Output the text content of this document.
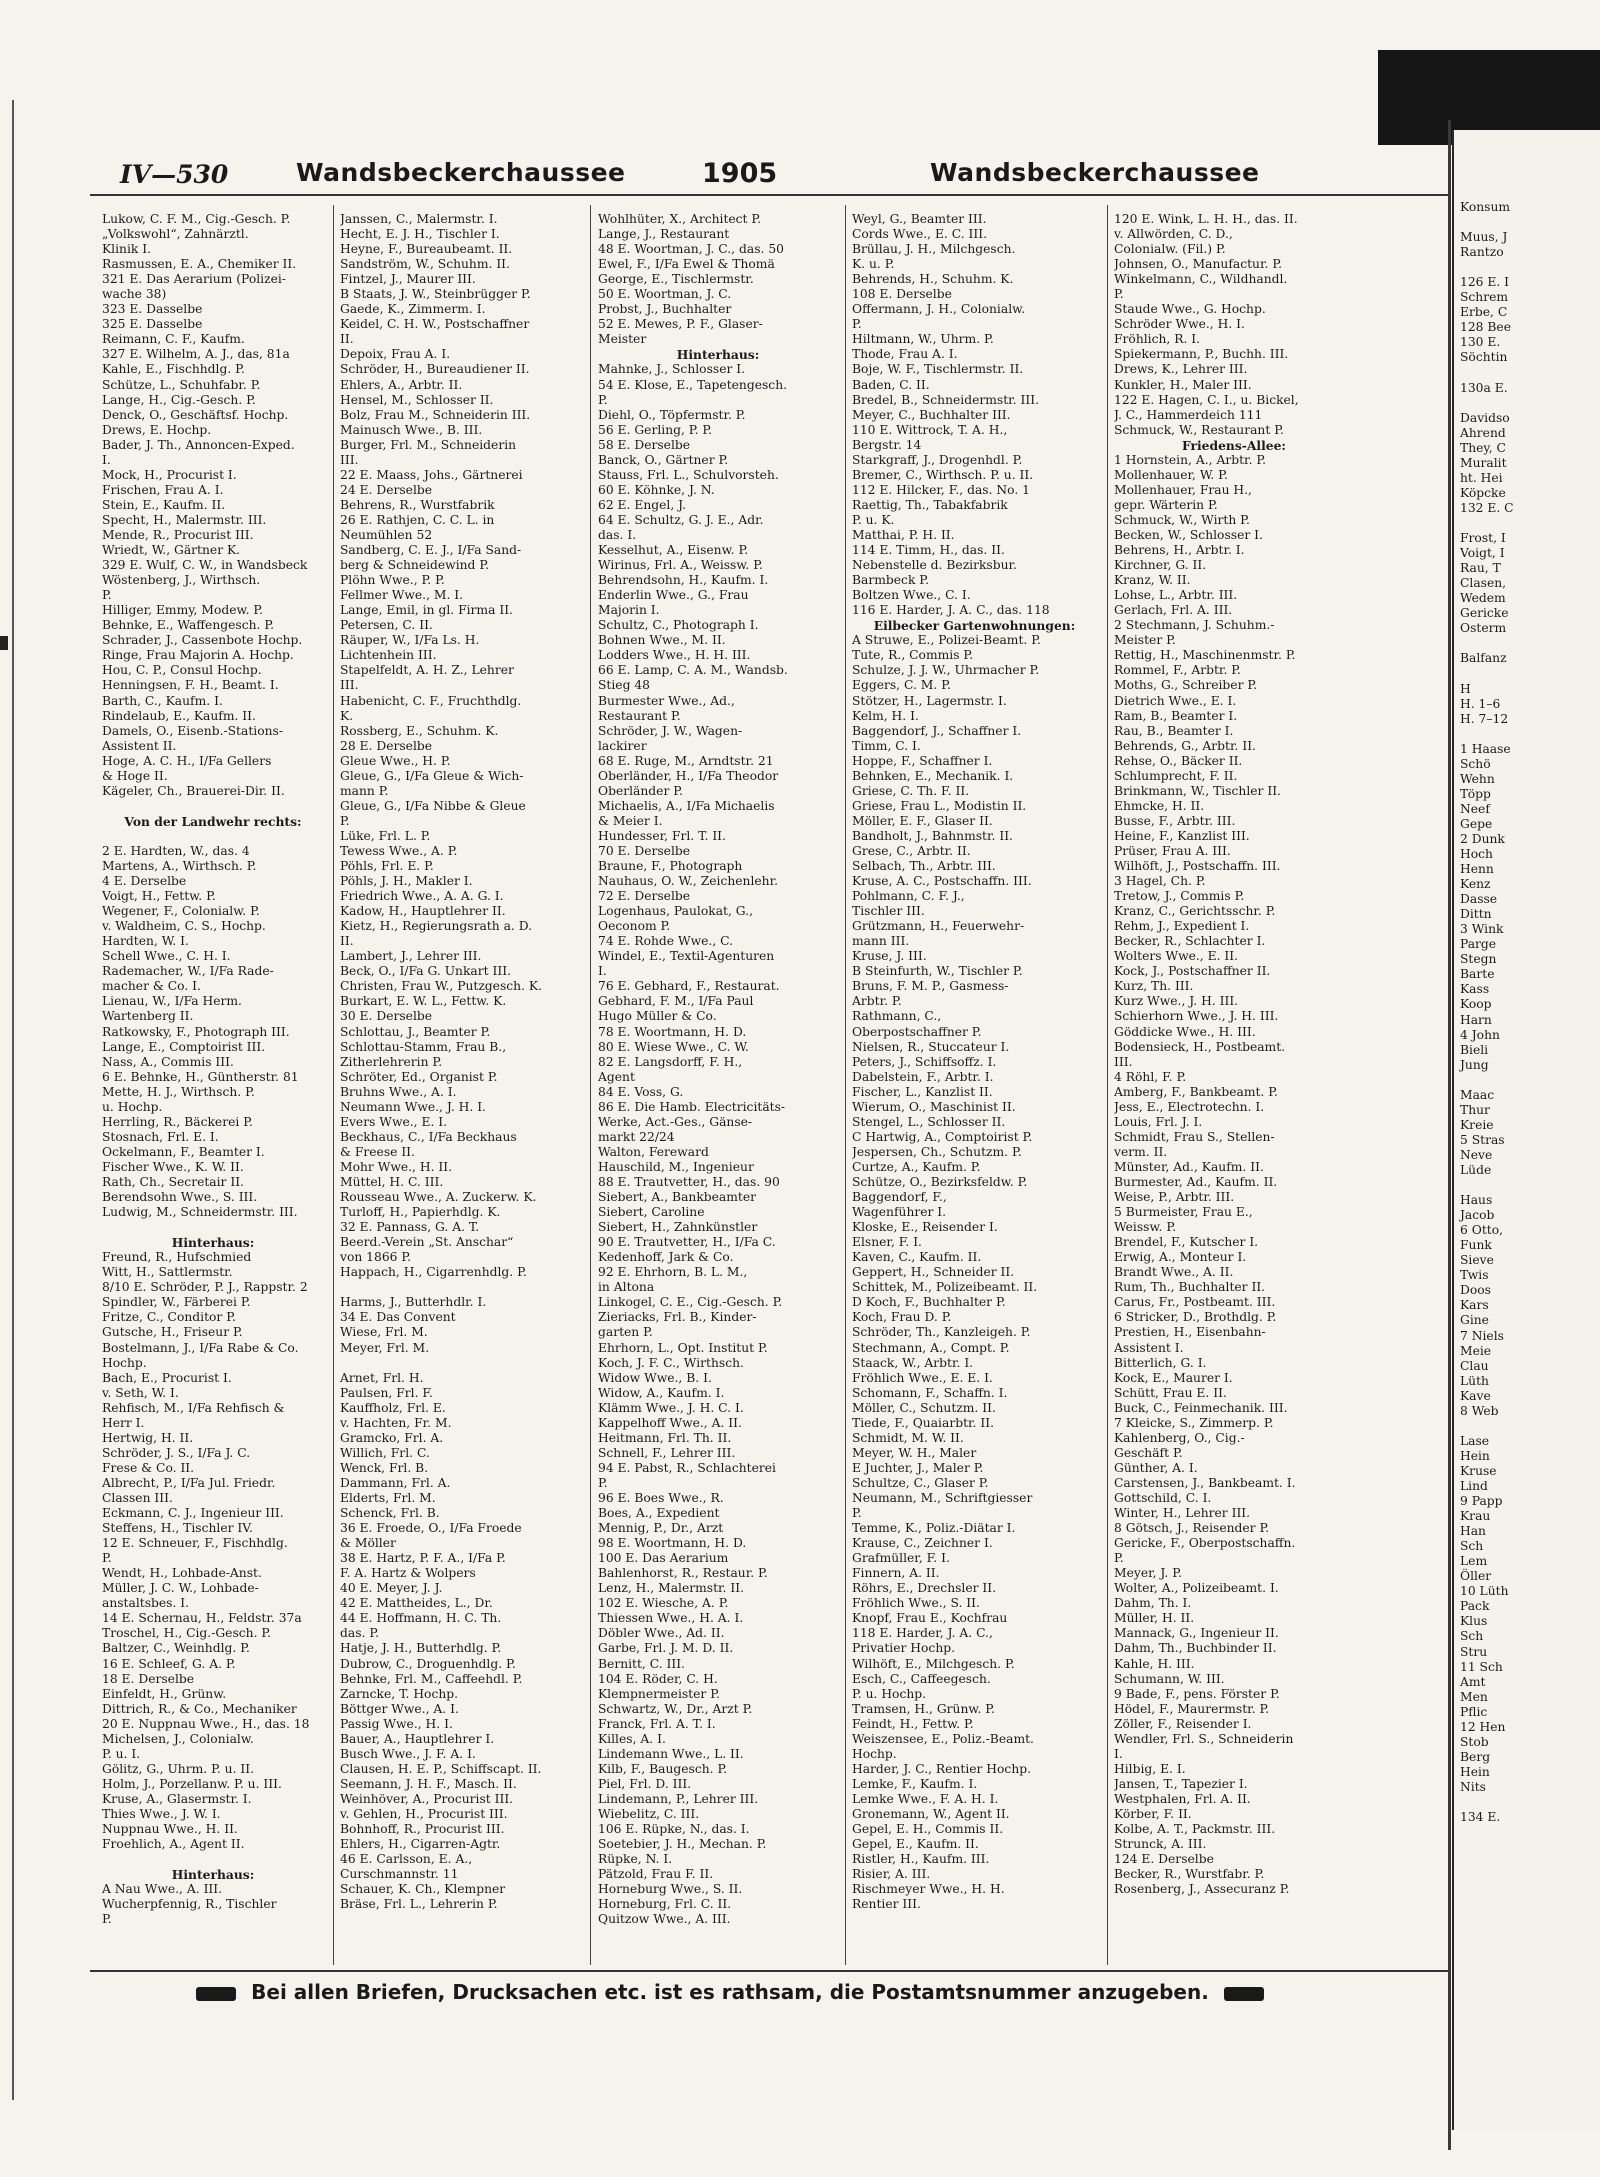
IV—530	Wandsbeckerchaussee	1905	Wandsbeckerchaussee
Lukow, C. F. M., Cig.-Gesch. P.
„Volkswohl“, Zahnärztl.
Klinik I.
Rasmussen, E. A., Chemiker II.
321 E. Das Aerarium (Polizei-
wache 38)
323 E. Dasselbe
325 E. Dasselbe
Reimann, C. F., Kaufm.
327 E. Wilhelm, A. J., das, 81a
Kahle, E., Fischhdlg. P.
Schütze, L., Schuhfabr. P.
Lange, H., Cig.-Gesch. P.
Denck, O., Geschäftsf. Hochp.
Drews, E. Hochp.
Bader, J. Th., Annoncen-Exped.
I.
Mock, H., Procurist I.
Frischen, Frau A. I.
Stein, E., Kaufm. II.
Specht, H., Malermstr. III.
Mende, R., Procurist III.
Wriedt, W., Gärtner K.
329 E. Wulf, C. W., in Wandsbeck
Wöstenberg, J., Wirthsch.
P.
Hilliger, Emmy, Modew. P.
Behnke, E., Waffengesch. P.
Schrader, J., Cassenbote Hochp.
Ringe, Frau Majorin A. Hochp.
Hou, C. P., Consul Hochp.
Henningsen, F. H., Beamt. I.
Barth, C., Kaufm. I.
Rindelaub, E., Kaufm. II.
Damels, O., Eisenb.-Stations-
Assistent II.
Hoge, A. C. H., I/Fa Gellers
& Hoge II.
Kägeler, Ch., Brauerei-Dir. II.
Von der Landwehr rechts:
2 E. Hardten, W., das. 4
Martens, A., Wirthsch. P.
4 E. Derselbe
Voigt, H., Fettw. P.
Wegener, F., Colonialw. P.
v. Waldheim, C. S., Hochp.
Hardten, W. I.
Schell Wwe., C. H. I.
Rademacher, W., I/Fa Rade-
macher & Co. I.
Lienau, W., I/Fa Herm.
Wartenberg II.
Ratkowsky, F., Photograph III.
Lange, E., Comptoirist III.
Nass, A., Commis III.
6 E. Behnke, H., Güntherstr. 81
Mette, H. J., Wirthsch. P.
u. Hochp.
Herrling, R., Bäckerei P.
Stosnach, Frl. E. I.
Ockelmann, F., Beamter I.
Fischer Wwe., K. W. II.
Rath, Ch., Secretair II.
Berendsohn Wwe., S. III.
Ludwig, M., Schneidermstr. III.
Hinterhaus:
Freund, R., Hufschmied
Witt, H., Sattlermstr.
8/10 E. Schröder, P. J., Rappstr. 2
Spindler, W., Färberei P.
Fritze, C., Conditor P.
Gutsche, H., Friseur P.
Bostelmann, J., I/Fa Rabe & Co.
Hochp.
Bach, E., Procurist I.
v. Seth, W. I.
Rehfisch, M., I/Fa Rehfisch &
Herr I.
Hertwig, H. II.
Schröder, J. S., I/Fa J. C.
Frese & Co. II.
Albrecht, P., I/Fa Jul. Friedr.
Classen III.
Eckmann, C. J., Ingenieur III.
Steffens, H., Tischler IV.
12 E. Schneuer, F., Fischhdlg.
P.
Wendt, H., Lohbade-Anst.
Müller, J. C. W., Lohbade-
anstaltsbes. I.
14 E. Schernau, H., Feldstr. 37a
Troschel, H., Cig.-Gesch. P.
Baltzer, C., Weinhdlg. P.
16 E. Schleef, G. A. P.
18 E. Derselbe
Einfeldt, H., Grünw.
Dittrich, R., & Co., Mechaniker
20 E. Nuppnau Wwe., H., das. 18
Michelsen, J., Colonialw.
P. u. I.
Gölitz, G., Uhrm. P. u. II.
Holm, J., Porzellanw. P. u. III.
Kruse, A., Glasermstr. I.
Thies Wwe., J. W. I.
Nuppnau Wwe., H. II.
Froehlich, A., Agent II.
Hinterhaus:
A Nau Wwe., A. III.
Wucherpfennig, R., Tischler
P.
Janssen, C., Malermstr. I.
Hecht, E. J. H., Tischler I.
Heyne, F., Bureaubeamt. II.
Sandström, W., Schuhm. II.
Fintzel, J., Maurer III.
B Staats, J. W., Steinbrügger P.
Gaede, K., Zimmerm. I.
Keidel, C. H. W., Postschaffner
II.
Depoix, Frau A. I.
Schröder, H., Bureaudiener II.
Ehlers, A., Arbtr. II.
Hensel, M., Schlosser II.
Bolz, Frau M., Schneiderin III.
Mainusch Wwe., B. III.
Burger, Frl. M., Schneiderin
III.
22 E. Maass, Johs., Gärtnerei
24 E. Derselbe
Behrens, R., Wurstfabrik
26 E. Rathjen, C. C. L. in
Neumühlen 52
Sandberg, C. E. J., I/Fa Sand-
berg & Schneidewind P.
Plöhn Wwe., P. P.
Fellmer Wwe., M. I.
Lange, Emil, in gl. Firma II.
Petersen, C. II.
Räuper, W., I/Fa Ls. H.
Lichtenhein III.
Stapelfeldt, A. H. Z., Lehrer
III.
Habenicht, C. F., Fruchthdlg.
K.
Rossberg, E., Schuhm. K.
28 E. Derselbe
Gleue Wwe., H. P.
Gleue, G., I/Fa Gleue & Wich-
mann P.
Gleue, G., I/Fa Nibbe & Gleue
P.
Lüke, Frl. L. P.
Tewess Wwe., A. P.
Pöhls, Frl. E. P.
Pöhls, J. H., Makler I.
Friedrich Wwe., A. A. G. I.
Kadow, H., Hauptlehrer II.
Kietz, H., Regierungsrath a. D.
II.
Lambert, J., Lehrer III.
Beck, O., I/Fa G. Unkart III.
Christen, Frau W., Putzgesch. K.
Burkart, E. W. L., Fettw. K.
30 E. Derselbe
Schlottau, J., Beamter P.
Schlottau-Stamm, Frau B.,
Zitherlehrerin P.
Schröter, Ed., Organist P.
Bruhns Wwe., A. I.
Neumann Wwe., J. H. I.
Evers Wwe., E. I.
Beckhaus, C., I/Fa Beckhaus
& Freese II.
Mohr Wwe., H. II.
Müttel, H. C. III.
Rousseau Wwe., A. Zuckerw. K.
Turloff, H., Papierhdlg. K.
32 E. Pannass, G. A. T.
Beerd.-Verein „St. Anschar“
von 1866 P.
Happach, H., Cigarrenhdlg. P.
Harms, J., Butterhdlr. I.
34 E. Das Convent
Wiese, Frl. M.
Meyer, Frl. M.
Arnet, Frl. H.
Paulsen, Frl. F.
Kauffholz, Frl. E.
v. Hachten, Fr. M.
Gramcko, Frl. A.
Willich, Frl. C.
Wenck, Frl. B.
Dammann, Frl. A.
Elderts, Frl. M.
Schenck, Frl. B.
36 E. Froede, O., I/Fa Froede
& Möller
38 E. Hartz, P. F. A., I/Fa P.
F. A. Hartz & Wolpers
40 E. Meyer, J. J.
42 E. Mattheides, L., Dr.
44 E. Hoffmann, H. C. Th.
das. P.
Hatje, J. H., Butterhdlg. P.
Dubrow, C., Droguenhdlg. P.
Behnke, Frl. M., Caffeehdl. P.
Zarncke, T. Hochp.
Böttger Wwe., A. I.
Passig Wwe., H. I.
Bauer, A., Hauptlehrer I.
Busch Wwe., J. F. A. I.
Clausen, H. E. P., Schiffscapt. II.
Seemann, J. H. F., Masch. II.
Weinhöver, A., Procurist III.
v. Gehlen, H., Procurist III.
Bohnhoff, R., Procurist III.
Ehlers, H., Cigarren-Agtr.
46 E. Carlsson, E. A.,
Curschmannstr. 11
Schauer, K. Ch., Klempner
Bräse, Frl. L., Lehrerin P.
Wohlhüter, X., Architect P.
Lange, J., Restaurant
48 E. Woortman, J. C., das. 50
Ewel, F., I/Fa Ewel & Thomä
George, E., Tischlermstr.
50 E. Woortman, J. C.
Probst, J., Buchhalter
52 E. Mewes, P. F., Glaser-
Meister
Hinterhaus:
Mahnke, J., Schlosser I.
54 E. Klose, E., Tapetengesch.
P.
Diehl, O., Töpfermstr. P.
56 E. Gerling, P. P.
58 E. Derselbe
Banck, O., Gärtner P.
Stauss, Frl. L., Schulvorsteh.
60 E. Köhnke, J. N.
62 E. Engel, J.
64 E. Schultz, G. J. E., Adr.
das. I.
Kesselhut, A., Eisenw. P.
Wirinus, Frl. A., Weissw. P.
Behrendsohn, H., Kaufm. I.
Enderlin Wwe., G., Frau
Majorin I.
Schultz, C., Photograph I.
Bohnen Wwe., M. II.
Lodders Wwe., H. H. III.
66 E. Lamp, C. A. M., Wandsb.
Stieg 48
Burmester Wwe., Ad.,
Restaurant P.
Schröder, J. W., Wagen-
lackirer
68 E. Ruge, M., Arndtstr. 21
Oberländer, H., I/Fa Theodor
Oberländer P.
Michaelis, A., I/Fa Michaelis
& Meier I.
Hundesser, Frl. T. II.
70 E. Derselbe
Braune, F., Photograph
Nauhaus, O. W., Zeichenlehr.
72 E. Derselbe
Logenhaus, Paulokat, G.,
Oeconom P.
74 E. Rohde Wwe., C.
Windel, E., Textil-Agenturen
I.
76 E. Gebhard, F., Restaurat.
Gebhard, F. M., I/Fa Paul
Hugo Müller & Co.
78 E. Woortmann, H. D.
80 E. Wiese Wwe., C. W.
82 E. Langsdorff, F. H.,
Agent
84 E. Voss, G.
86 E. Die Hamb. Electricitäts-
Werke, Act.-Ges., Gänse-
markt 22/24
Walton, Fereward
Hauschild, M., Ingenieur
88 E. Trautvetter, H., das. 90
Siebert, A., Bankbeamter
Siebert, Caroline
Siebert, H., Zahnkünstler
90 E. Trautvetter, H., I/Fa C.
Kedenhoff, Jark & Co.
92 E. Ehrhorn, B. L. M.,
in Altona
Linkogel, C. E., Cig.-Gesch. P.
Zieriacks, Frl. B., Kinder-
garten P.
Ehrhorn, L., Opt. Institut P.
Koch, J. F. C., Wirthsch.
Widow Wwe., B. I.
Widow, A., Kaufm. I.
Klämm Wwe., J. H. C. I.
Kappelhoff Wwe., A. II.
Heitmann, Frl. Th. II.
Schnell, F., Lehrer III.
94 E. Pabst, R., Schlachterei
P.
96 E. Boes Wwe., R.
Boes, A., Expedient
Mennig, P., Dr., Arzt
98 E. Woortmann, H. D.
100 E. Das Aerarium
Bahlenhorst, R., Restaur. P.
Lenz, H., Malermstr. II.
102 E. Wiesche, A. P.
Thiessen Wwe., H. A. I.
Döbler Wwe., Ad. II.
Garbe, Frl. J. M. D. II.
Bernitt, C. III.
104 E. Röder, C. H.
Klempnermeister P.
Schwartz, W., Dr., Arzt P.
Franck, Frl. A. T. I.
Killes, A. I.
Lindemann Wwe., L. II.
Kilb, F., Baugesch. P.
Piel, Frl. D. III.
Lindemann, P., Lehrer III.
Wiebelitz, C. III.
106 E. Rüpke, N., das. I.
Soetebier, J. H., Mechan. P.
Rüpke, N. I.
Pätzold, Frau F. II.
Horneburg Wwe., S. II.
Horneburg, Frl. C. II.
Quitzow Wwe., A. III.
Weyl, G., Beamter III.
Cords Wwe., E. C. III.
Brüllau, J. H., Milchgesch.
K. u. P.
Behrends, H., Schuhm. K.
108 E. Derselbe
Offermann, J. H., Colonialw.
P.
Hiltmann, W., Uhrm. P.
Thode, Frau A. I.
Boje, W. F., Tischlermstr. II.
Baden, C. II.
Bredel, B., Schneidermstr. III.
Meyer, C., Buchhalter III.
110 E. Wittrock, T. A. H.,
Bergstr. 14
Starkgraff, J., Drogenhdl. P.
Bremer, C., Wirthsch. P. u. II.
112 E. Hilcker, F., das. No. 1
Raettig, Th., Tabakfabrik
P. u. K.
Matthai, P. H. II.
114 E. Timm, H., das. II.
Nebenstelle d. Bezirksbur.
Barmbeck P.
Boltzen Wwe., C. I.
116 E. Harder, J. A. C., das. 118
Eilbecker Gartenwohnungen:
A Struwe, E., Polizei-Beamt. P.
Tute, R., Commis P.
Schulze, J. J. W., Uhrmacher P.
Eggers, C. M. P.
Stötzer, H., Lagermstr. I.
Kelm, H. I.
Baggendorf, J., Schaffner I.
Timm, C. I.
Hoppe, F., Schaffner I.
Behnken, E., Mechanik. I.
Griese, C. Th. F. II.
Griese, Frau L., Modistin II.
Möller, E. F., Glaser II.
Bandholt, J., Bahnmstr. II.
Grese, C., Arbtr. II.
Selbach, Th., Arbtr. III.
Kruse, A. C., Postschaffn. III.
Pohlmann, C. F. J.,
Tischler III.
Grützmann, H., Feuerwehr-
mann III.
Kruse, J. III.
B Steinfurth, W., Tischler P.
Bruns, F. M. P., Gasmess-
Arbtr. P.
Rathmann, C.,
Oberpostschaffner P.
Nielsen, R., Stuccateur I.
Peters, J., Schiffsoffz. I.
Dabelstein, F., Arbtr. I.
Fischer, L., Kanzlist II.
Wierum, O., Maschinist II.
Stengel, L., Schlosser II.
C Hartwig, A., Comptoirist P.
Jespersen, Ch., Schutzm. P.
Curtze, A., Kaufm. P.
Schütze, O., Bezirksfeldw. P.
Baggendorf, F.,
Wagenführer I.
Kloske, E., Reisender I.
Elsner, F. I.
Kaven, C., Kaufm. II.
Geppert, H., Schneider II.
Schittek, M., Polizeibeamt. II.
D Koch, F., Buchhalter P.
Koch, Frau D. P.
Schröder, Th., Kanzleigeh. P.
Stechmann, A., Compt. P.
Staack, W., Arbtr. I.
Fröhlich Wwe., E. E. I.
Schomann, F., Schaffn. I.
Möller, C., Schutzm. II.
Tiede, F., Quaiarbtr. II.
Schmidt, M. W. II.
Meyer, W. H., Maler
E Juchter, J., Maler P.
Schultze, C., Glaser P.
Neumann, M., Schriftgiesser
P.
Temme, K., Poliz.-Diätar I.
Krause, C., Zeichner I.
Grafmüller, F. I.
Finnern, A. II.
Röhrs, E., Drechsler II.
Fröhlich Wwe., S. II.
Knopf, Frau E., Kochfrau
118 E. Harder, J. A. C.,
Privatier Hochp.
Wilhöft, E., Milchgesch. P.
Esch, C., Caffeegesch.
P. u. Hochp.
Tramsen, H., Grünw. P.
Feindt, H., Fettw. P.
Weiszensee, E., Poliz.-Beamt.
Hochp.
Harder, J. C., Rentier Hochp.
Lemke, F., Kaufm. I.
Lemke Wwe., F. A. H. I.
Gronemann, W., Agent II.
Gepel, E. H., Commis II.
Gepel, E., Kaufm. II.
Ristler, H., Kaufm. III.
Risier, A. III.
Rischmeyer Wwe., H. H.
Rentier III.
120 E. Wink, L. H. H., das. II.
v. Allwörden, C. D.,
Colonialw. (Fil.) P.
Johnsen, O., Manufactur. P.
Winkelmann, C., Wildhandl.
P.
Staude Wwe., G. Hochp.
Schröder Wwe., H. I.
Fröhlich, R. I.
Spiekermann, P., Buchh. III.
Drews, K., Lehrer III.
Kunkler, H., Maler III.
122 E. Hagen, C. I., u. Bickel,
J. C., Hammerdeich 111
Schmuck, W., Restaurant P.
Friedens-Allee:
1 Hornstein, A., Arbtr. P.
Mollenhauer, W. P.
Mollenhauer, Frau H.,
gepr. Wärterin P.
Schmuck, W., Wirth P.
Becken, W., Schlosser I.
Behrens, H., Arbtr. I.
Kirchner, G. II.
Kranz, W. II.
Lohse, L., Arbtr. III.
Gerlach, Frl. A. III.
2 Stechmann, J. Schuhm.-
Meister P.
Rettig, H., Maschinenmstr. P.
Rommel, F., Arbtr. P.
Moths, G., Schreiber P.
Dietrich Wwe., E. I.
Ram, B., Beamter I.
Rau, B., Beamter I.
Behrends, G., Arbtr. II.
Rehse, O., Bäcker II.
Schlumprecht, F. II.
Brinkmann, W., Tischler II.
Ehmcke, H. II.
Busse, F., Arbtr. III.
Heine, F., Kanzlist III.
Prüser, Frau A. III.
Wilhöft, J., Postschaffn. III.
3 Hagel, Ch. P.
Tretow, J., Commis P.
Kranz, C., Gerichtsschr. P.
Rehm, J., Expedient I.
Becker, R., Schlachter I.
Wolters Wwe., E. II.
Kock, J., Postschaffner II.
Kurz, Th. III.
Kurz Wwe., J. H. III.
Schierhorn Wwe., J. H. III.
Göddicke Wwe., H. III.
Bodensieck, H., Postbeamt.
III.
4 Röhl, F. P.
Amberg, F., Bankbeamt. P.
Jess, E., Electrotechn. I.
Louis, Frl. J. I.
Schmidt, Frau S., Stellen-
verm. II.
Münster, Ad., Kaufm. II.
Burmester, Ad., Kaufm. II.
Weise, P., Arbtr. III.
5 Burmeister, Frau E.,
Weissw. P.
Brendel, F., Kutscher I.
Erwig, A., Monteur I.
Brandt Wwe., A. II.
Rum, Th., Buchhalter II.
Carus, Fr., Postbeamt. III.
6 Stricker, D., Brothdlg. P.
Prestien, H., Eisenbahn-
Assistent I.
Bitterlich, G. I.
Kock, E., Maurer I.
Schütt, Frau E. II.
Buck, C., Feinmechanik. III.
7 Kleicke, S., Zimmerp. P.
Kahlenberg, O., Cig.-
Geschäft P.
Günther, A. I.
Carstensen, J., Bankbeamt. I.
Gottschild, C. I.
Winter, H., Lehrer III.
8 Götsch, J., Reisender P.
Gericke, F., Oberpostschaffn.
P.
Meyer, J. P.
Wolter, A., Polizeibeamt. I.
Dahm, Th. I.
Müller, H. II.
Mannack, G., Ingenieur II.
Dahm, Th., Buchbinder II.
Kahle, H. III.
Schumann, W. III.
9 Bade, F., pens. Förster P.
Hödel, F., Maurermstr. P.
Zöller, F., Reisender I.
Wendler, Frl. S., Schneiderin
I.
Hilbig, E. I.
Jansen, T., Tapezier I.
Westphalen, Frl. A. II.
Körber, F. II.
Kolbe, A. T., Packmstr. III.
Strunck, A. III.
124 E. Derselbe
Becker, R., Wurstfabr. P.
Rosenberg, J., Assecuranz P.
Bei allen Briefen, Drucksachen etc. ist es rathsam, die Postamtsnummer anzugeben.
Konsum
Muus, J
Rantzo
126 E. I
Schrem
Erbe, C
128 Bee
130 E.
Söchtin
130a E.
Davidso
Ahrend
They, C
Muralit
ht. Hei
Köpcke
132 E. C
Frost, I
Voigt, I
Rau, T
Clasen,
Wedem
Gericke
Osterm
Balfanz
H
H. 1–6
H. 7–12
1 Haase
Schö
Wehn
Töpp
Neef
Gepe
2 Dunk
Hoch
Henn
Kenz
Dasse
Dittn
3 Wink
Parge
Stegn
Barte
Kass
Koop
Harn
4 John
Bieli
Jung
Maac
Thur
Kreie
5 Stras
Neve
Lüde
Haus
Jacob
6 Otto,
Funk
Sieve
Twis
Doos
Kars
Gine
7 Niels
Meie
Clau
Lüth
Kave
8 Web
Lase
Hein
Kruse
Lind
9 Papp
Krau
Han
Sch
Lem
Öller
10 Lüth
Pack
Klus
Sch
Stru
11 Sch
Amt
Men
Pflic
12 Hen
Stob
Berg
Hein
Nits
134 E.
